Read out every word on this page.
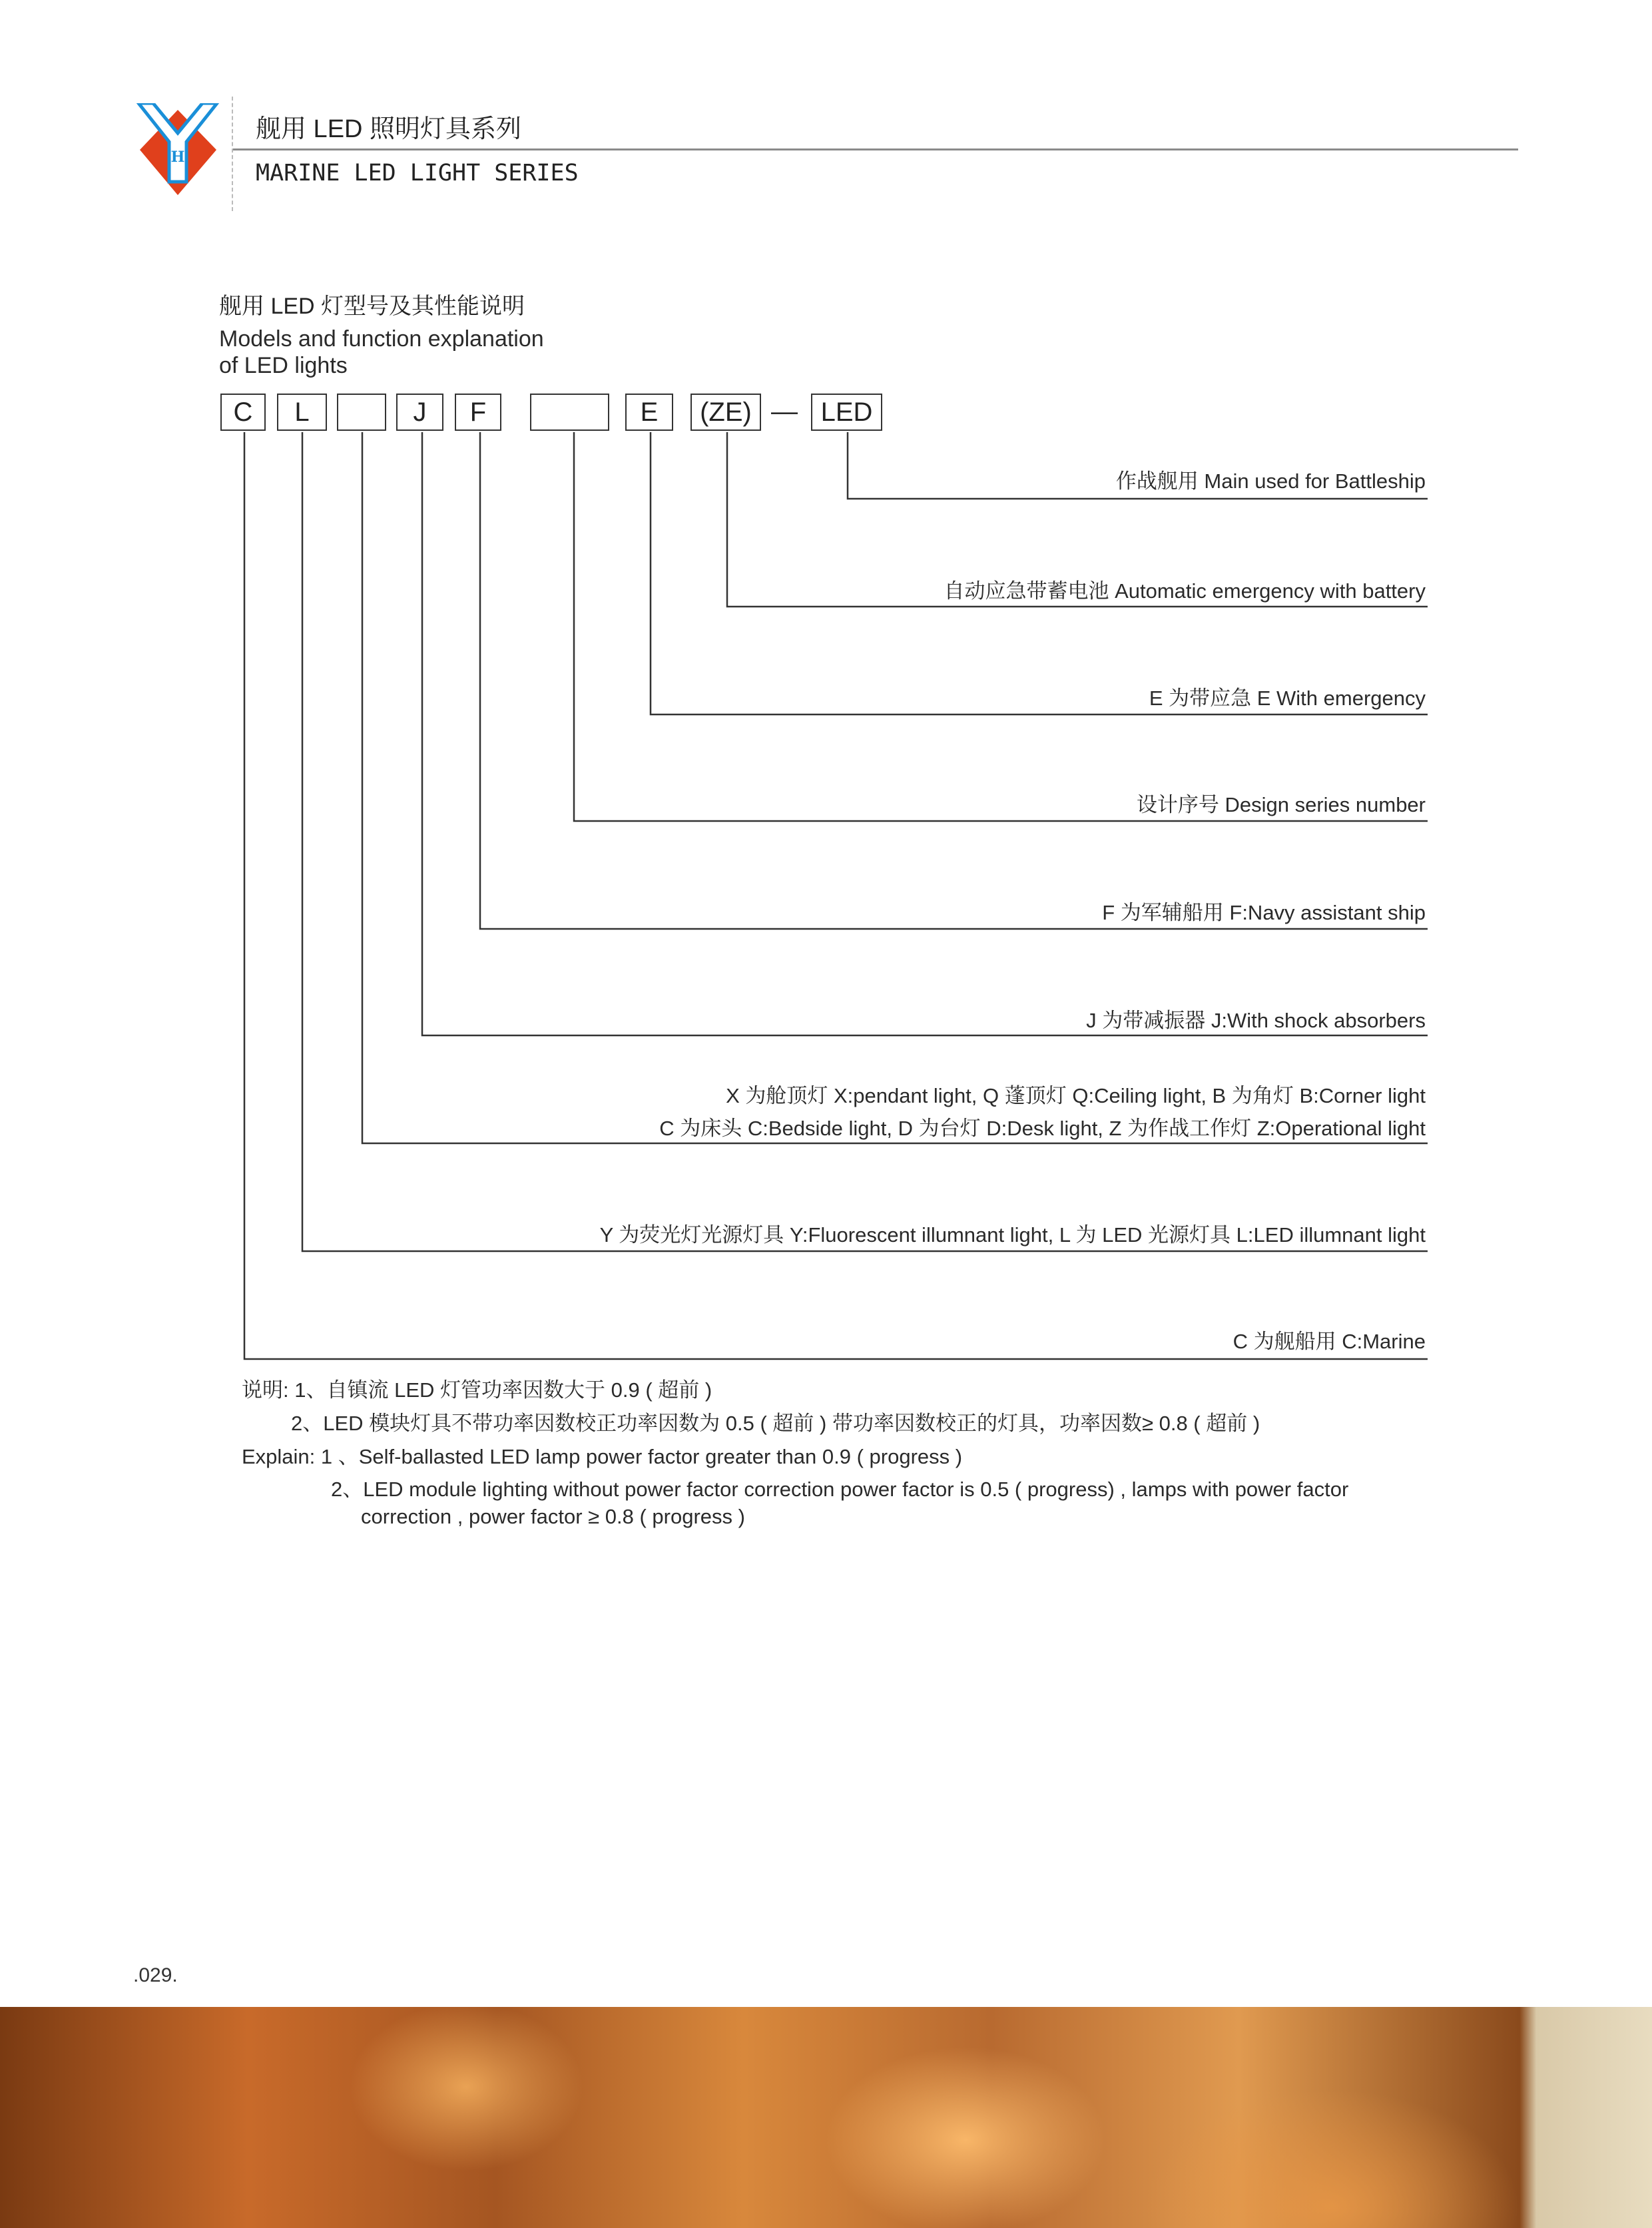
H
舰用 LED 照明灯具系列
MARINE LED LIGHT SERIES
舰用 LED 灯型号及其性能说明
Models and function explanation
of LED lights
C	L	J	F	E	(ZE) — LED
作战舰用 Main used for Battleship
自动应急带蓄电池 Automatic emergency with battery
E 为带应急 E With emergency
设计序号 Design series number
F 为军辅船用 F:Navy assistant ship
J 为带减振器 J:With shock absorbers
X 为舱顶灯 X:pendant light, Q 蓬顶灯 Q:Ceiling light, B 为角灯 B:Corner light
C 为床头 C:Bedside light, D 为台灯 D:Desk light, Z 为作战工作灯 Z:Operational light
Y 为荧光灯光源灯具 Y:Fluorescent illumnant light, L 为 LED 光源灯具 L:LED illumnant light
C 为舰船用 C:Marine
说明: 1、自镇流 LED 灯管功率因数大于 0.9 ( 超前 )
2、LED 模块灯具不带功率因数校正功率因数为 0.5 ( 超前 ) 带功率因数校正的灯具，功率因数≥ 0.8 ( 超前 )
Explain: 1 、Self-ballasted LED lamp power factor greater than 0.9 ( progress )
2、LED module lighting without power factor correction power factor is 0.5 ( progress) , lamps with power factor
correction , power factor ≥ 0.8 ( progress )
.029.
